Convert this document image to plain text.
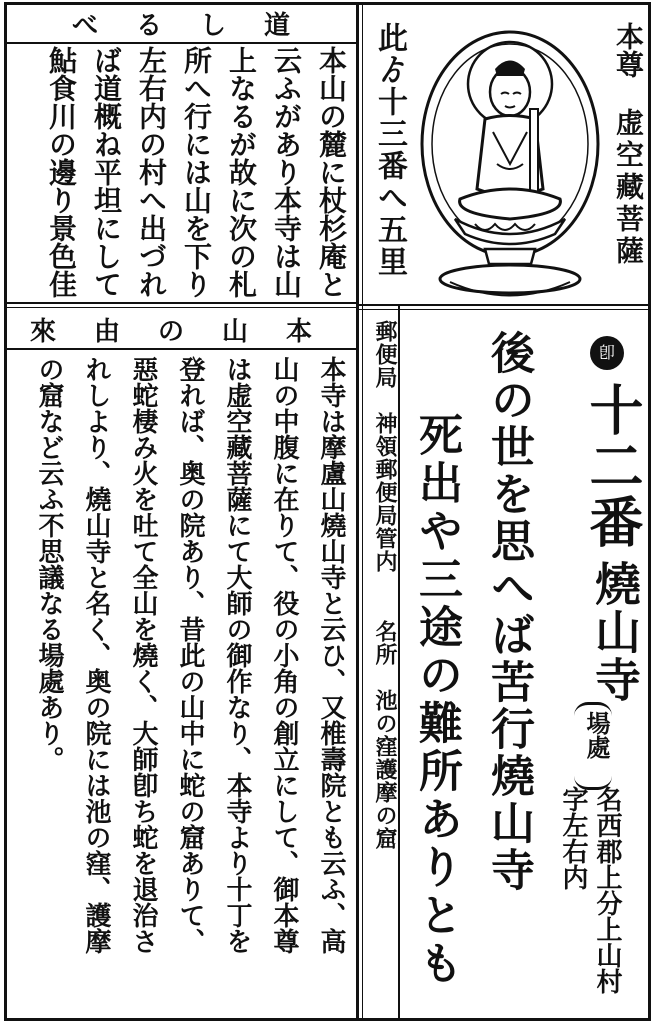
道しるべ

本山の麓に杖杉庵と

云ふがあり本寺は山

上なるが故に次の札

所へ行には山を下り

左右内の村へ出づれ

ば道概ね平坦にして

鮎食川の邊り景色佳

本山の由來

本寺は摩盧山燒山寺と云ひ、又椎壽院とも云ふ、高

山の中腹に在りて、役の小角の創立にして、御本尊

は虚空藏菩薩にて大師の御作なり、本寺より十丁を

登れば、奥の院あり、昔此の山中に蛇の窟ありて、

惡蛇棲み火を吐て全山を燒く、大師卽ち蛇を退治さ

れしより、燒山寺と名く、奥の院には池の窪、護摩

の窟など云ふ不思議なる場處あり。

此ゟ十三番へ五里	本尊
虚空藏菩薩
郵便局　神領郵便局管内
名所　池の窪護摩の窟 死出や三途の難所ありとも 後の世を思へば苦行燒山寺 字左右内 名西郡上分上山村
場處
卽
十二番
燒山寺
